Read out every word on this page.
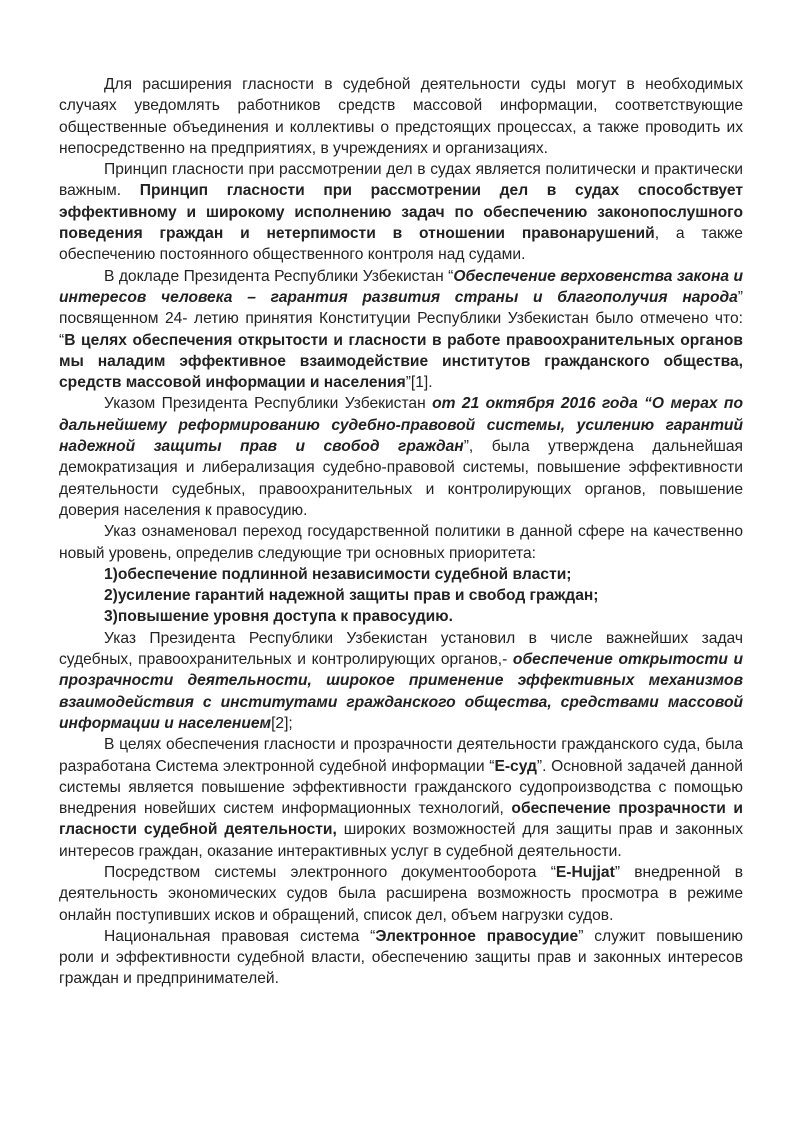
Для расширения гласности в судебной деятельности суды могут в необходимых случаях уведомлять работников средств массовой информации, соответствующие общественные объединения и коллективы о предстоящих процессах, а также проводить их непосредственно на предприятиях, в учреждениях и организациях.

Принцип гласности при рассмотрении дел в судах является политически и практически важным. Принцип гласности при рассмотрении дел в судах способствует эффективному и широкому исполнению задач по обеспечению законопослушного поведения граждан и нетерпимости в отношении правонарушений, а также обеспечению постоянного общественного контроля над судами.

В докладе Президента Республики Узбекистан “Обеспечение верховенства закона и интересов человека – гарантия развития страны и благополучия народа” посвященном 24- летию принятия Конституции Республики Узбекистан было отмечено что: “В целях обеспечения открытости и гласности в работе правоохранительных органов мы наладим эффективное взаимодействие институтов гражданского общества, средств массовой информации и населения”[1].

Указом Президента Республики Узбекистан от 21 октября 2016 года “О мерах по дальнейшему реформированию судебно-правовой системы, усилению гарантий надежной защиты прав и свобод граждан”, была утверждена дальнейшая демократизация и либерализация судебно-правовой системы, повышение эффективности деятельности судебных, правоохранительных и контролирующих органов, повышение доверия населения к правосудию.

Указ ознаменовал переход государственной политики в данной сфере на качественно новый уровень, определив следующие три основных приоритета:

1)обеспечение подлинной независимости судебной власти;

2)усиление гарантий надежной защиты прав и свобод граждан;

3)повышение уровня доступа к правосудию.

Указ Президента Республики Узбекистан установил в числе важнейших задач судебных, правоохранительных и контролирующих органов,- обеспечение открытости и прозрачности деятельности, широкое применение эффективных механизмов взаимодействия с институтами гражданского общества, средствами массовой информации и населением[2];

В целях обеспечения гласности и прозрачности деятельности гражданского суда, была разработана Система электронной судебной информации “Е-суд”. Основной задачей данной системы является повышение эффективности гражданского судопроизводства с помощью внедрения новейших систем информационных технологий, обеспечение прозрачности и гласности судебной деятельности, широких возможностей для защиты прав и законных интересов граждан, оказание интерактивных услуг в судебной деятельности.

Посредством системы электронного документооборота “E-Hujjat” внедренной в деятельность экономических судов была расширена возможность просмотра в режиме онлайн поступивших исков и обращений, список дел, объем нагрузки судов.

Национальная правовая система “Электронное правосудие” служит повышению роли и эффективности судебной власти, обеспечению защиты прав и законных интересов граждан и предпринимателей.
